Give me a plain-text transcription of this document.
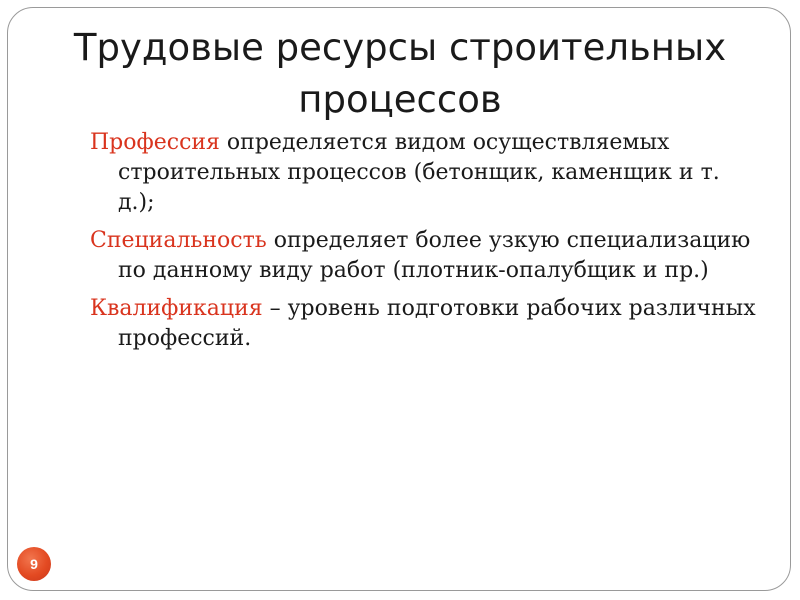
Трудовые ресурсы строительных процессов
Профессия определяется видом осуществляемых строительных процессов (бетонщик, каменщик и т. д.);
Специальность определяет более узкую специализацию по данному виду работ (плотник-опалубщик и пр.)
Квалификация – уровень подготовки рабочих различных профессий.
9
